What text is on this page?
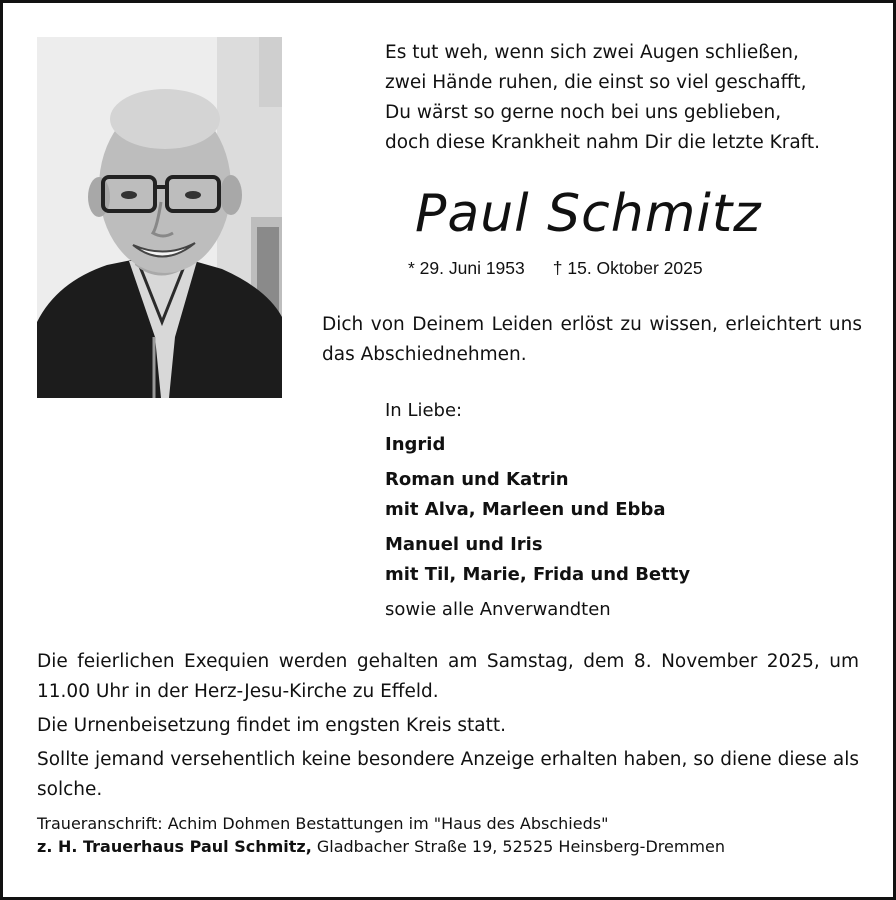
Es tut weh, wenn sich zwei Augen schließen,
zwei Hände ruhen, die einst so viel geschafft,
Du wärst so gerne noch bei uns geblieben,
doch diese Krankheit nahm Dir die letzte Kraft.
Paul Schmitz
* 29. Juni 1953 † 15. Oktober 2025
Dich von Deinem Leiden erlöst zu wissen, erleichtert uns das Abschiednehmen.
In Liebe:
Ingrid
Roman und Katrin
mit Alva, Marleen und Ebba
Manuel und Iris
mit Til, Marie, Frida und Betty
sowie alle Anverwandten

Die feierlichen Exequien werden gehalten am Samstag, dem 8. November 2025, um 11.00 Uhr in der Herz-Jesu-Kirche zu Effeld.

Die Urnenbeisetzung findet im engsten Kreis statt.

Sollte jemand versehentlich keine besondere Anzeige erhalten haben, so diene diese als solche.

Traueranschrift: Achim Dohmen Bestattungen im "Haus des Abschieds"
z. H. Trauerhaus Paul Schmitz, Gladbacher Straße 19, 52525 Heinsberg-Dremmen
